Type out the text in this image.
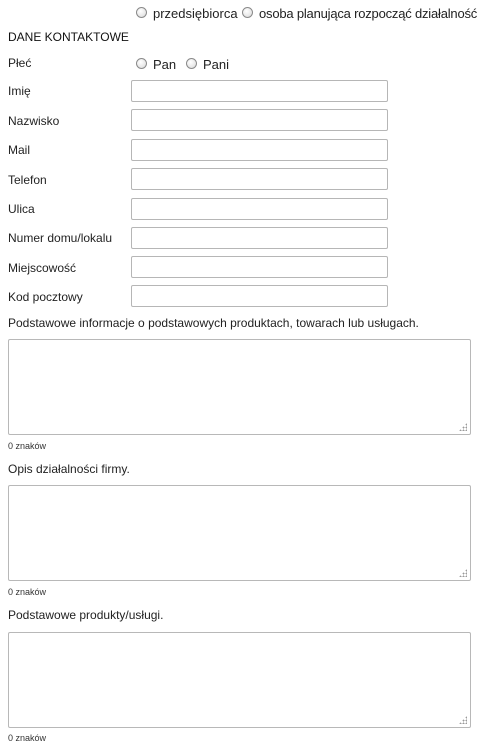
przedsiębiorca osoba planująca rozpocząć działalność
DANE KONTAKTOWE
Płeć	Pan Pani
Imię
Nazwisko
Mail
Telefon
Ulica
Numer domu/lokalu
Miejscowość
Kod pocztowy
Podstawowe informacje o podstawowych produktach, towarach lub usługach.
0 znaków
Opis działalności firmy.
0 znaków
Podstawowe produkty/usługi.
0 znaków
